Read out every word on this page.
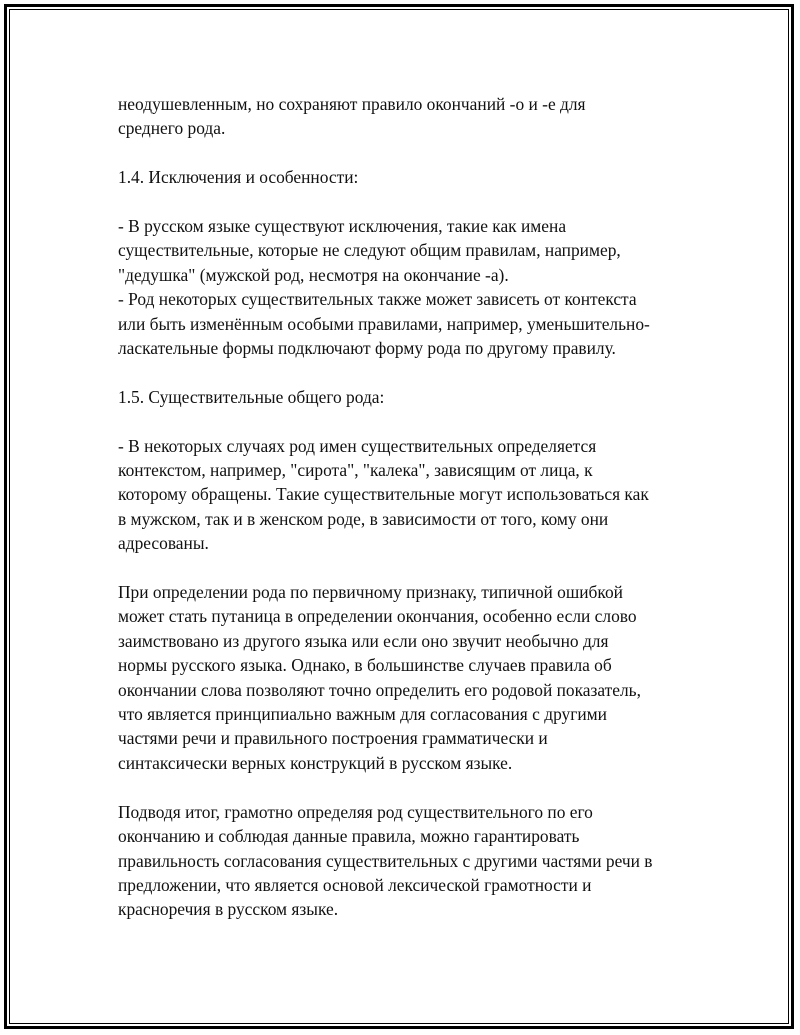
неодушевленным, но сохраняют правило окончаний -о и -е для
среднего рода.

1.4. Исключения и особенности:

- В русском языке существуют исключения, такие как имена
существительные, которые не следуют общим правилам, например,
"дедушка" (мужской род, несмотря на окончание -а).

- Род некоторых существительных также может зависеть от контекста
или быть изменённым особыми правилами, например, уменьшительно-
ласкательные формы подключают форму рода по другому правилу.

1.5. Существительные общего рода:

- В некоторых случаях род имен существительных определяется
контекстом, например, "сирота", "калека", зависящим от лица, к
которому обращены. Такие существительные могут использоваться как
в мужском, так и в женском роде, в зависимости от того, кому они
адресованы.

При определении рода по первичному признаку, типичной ошибкой
может стать путаница в определении окончания, особенно если слово
заимствовано из другого языка или если оно звучит необычно для
нормы русского языка. Однако, в большинстве случаев правила об
окончании слова позволяют точно определить его родовой показатель,
что является принципиально важным для согласования с другими
частями речи и правильного построения грамматически и
синтаксически верных конструкций в русском языке.

Подводя итог, грамотно определяя род существительного по его
окончанию и соблюдая данные правила, можно гарантировать
правильность согласования существительных с другими частями речи в
предложении, что является основой лексической грамотности и
красноречия в русском языке.
